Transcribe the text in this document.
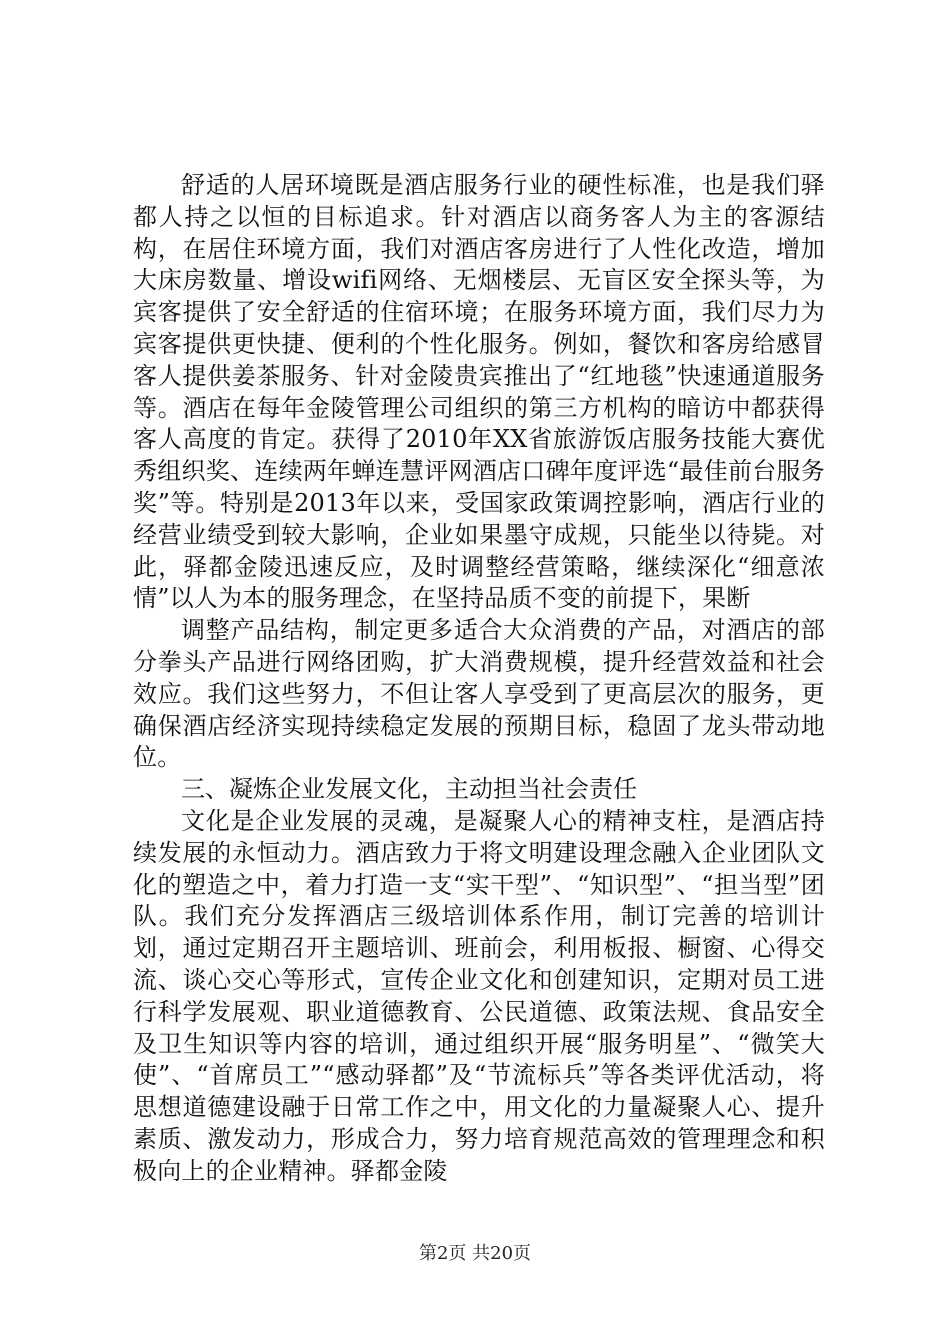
舒适的人居环境既是酒店服务行业的硬性标准，也是我们驿都人持之以恒的目标追求。针对酒店以商务客人为主的客源结构，在居住环境方面，我们对酒店客房进行了人性化改造，增加大床房数量、增设wifi网络、无烟楼层、无盲区安全探头等，为宾客提供了安全舒适的住宿环境；在服务环境方面，我们尽力为宾客提供更快捷、便利的个性化服务。例如，餐饮和客房给感冒客人提供姜茶服务、针对金陵贵宾推出了“红地毯”快速通道服务等。酒店在每年金陵管理公司组织的第三方机构的暗访中都获得客人高度的肯定。获得了2010年XX省旅游饭店服务技能大赛优秀组织奖、连续两年蝉连慧评网酒店口碑年度评选“最佳前台服务奖”等。特别是2013年以来，受国家政策调控影响，酒店行业的经营业绩受到较大影响，企业如果墨守成规，只能坐以待毙。对此，驿都金陵迅速反应，及时调整经营策略，继续深化“细意浓情”以人为本的服务理念，在坚持品质不变的前提下，果断

调整产品结构，制定更多适合大众消费的产品，对酒店的部分拳头产品进行网络团购，扩大消费规模，提升经营效益和社会效应。我们这些努力，不但让客人享受到了更高层次的服务，更确保酒店经济实现持续稳定发展的预期目标，稳固了龙头带动地位。

三、凝炼企业发展文化，主动担当社会责任

文化是企业发展的灵魂，是凝聚人心的精神支柱，是酒店持续发展的永恒动力。酒店致力于将文明建设理念融入企业团队文化的塑造之中，着力打造一支“实干型”、“知识型”、“担当型”团队。我们充分发挥酒店三级培训体系作用，制订完善的培训计划，通过定期召开主题培训、班前会，利用板报、橱窗、心得交流、谈心交心等形式，宣传企业文化和创建知识，定期对员工进行科学发展观、职业道德教育、公民道德、政策法规、食品安全及卫生知识等内容的培训，通过组织开展“服务明星”、“微笑大使”、“首席员工”“感动驿都”及“节流标兵”等各类评优活动，将思想道德建设融于日常工作之中，用文化的力量凝聚人心、提升素质、激发动力，形成合力，努力培育规范高效的管理理念和积极向上的企业精神。驿都金陵

第2页 共20页
